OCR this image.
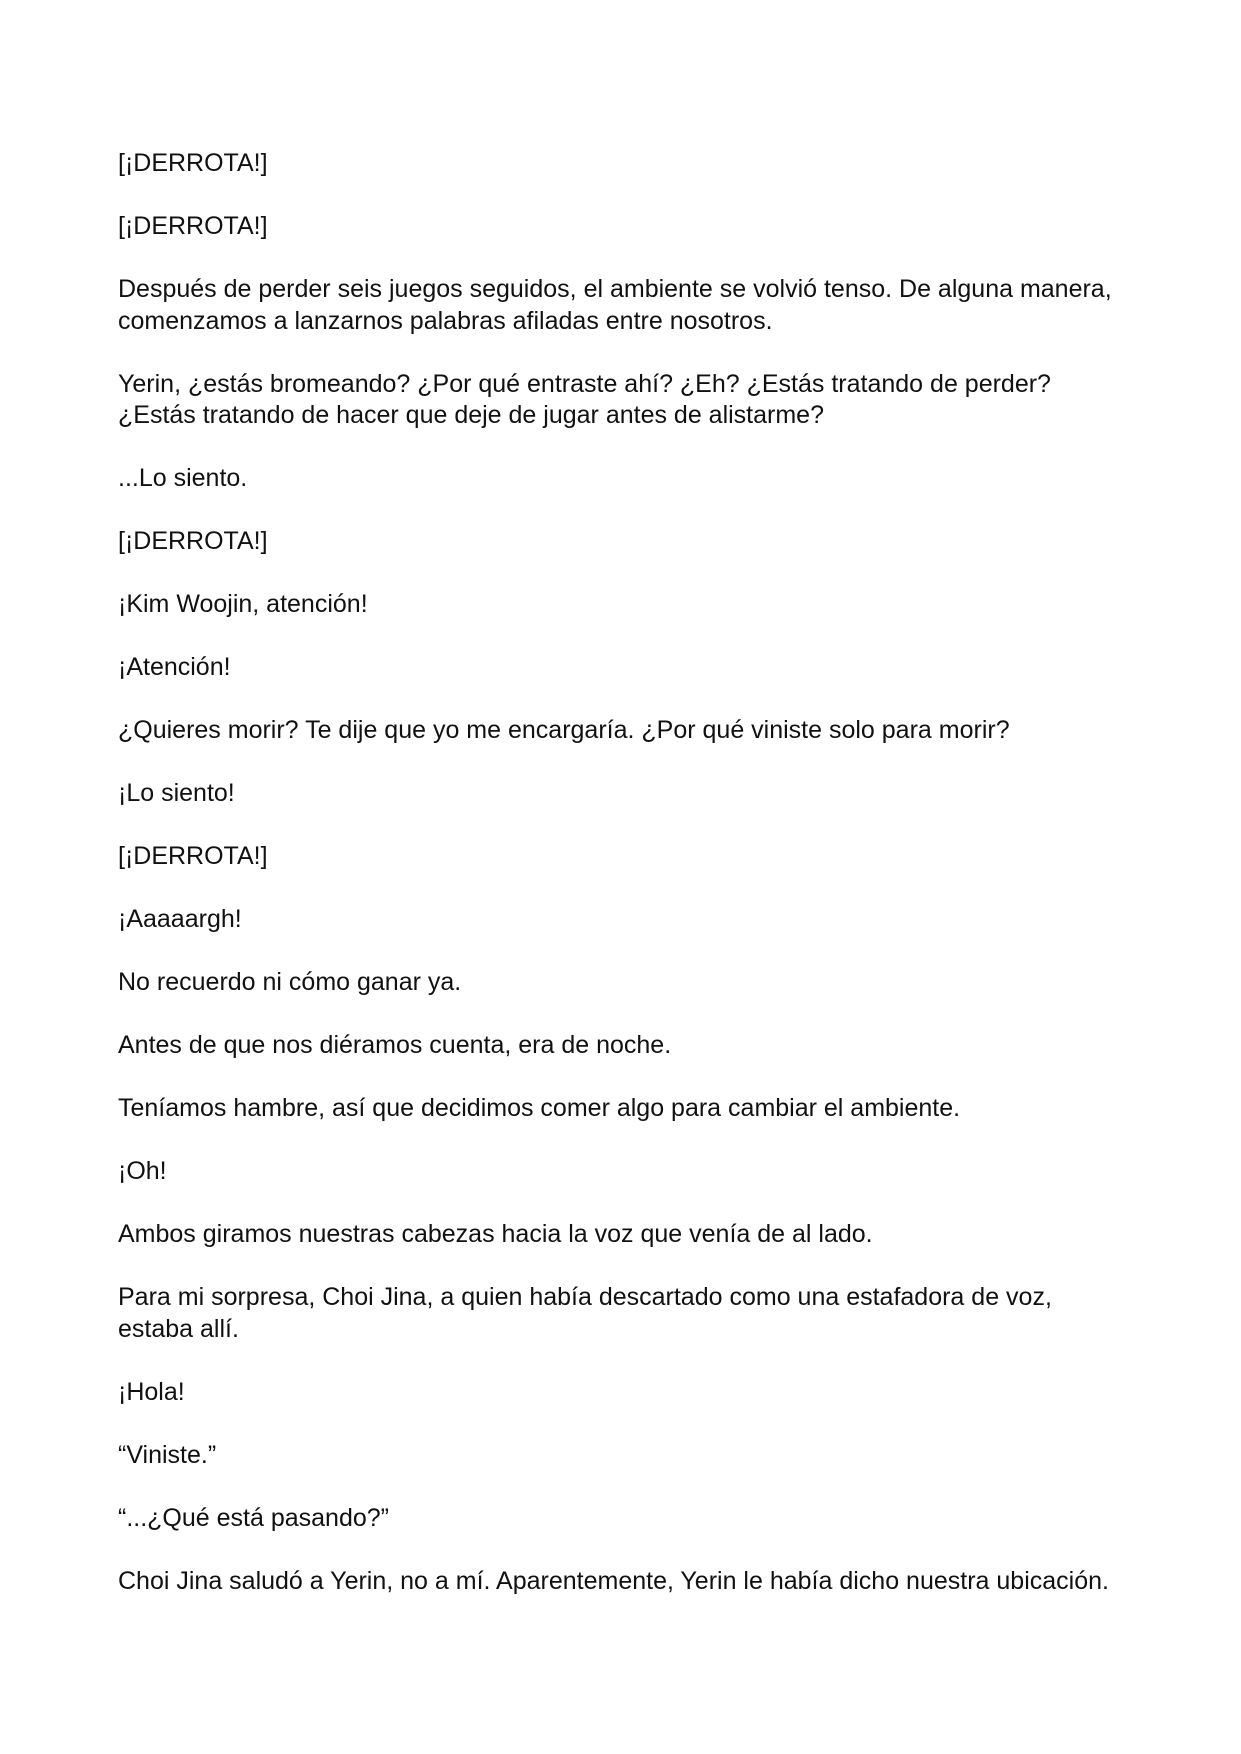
[¡DERROTA!]

[¡DERROTA!]

Después de perder seis juegos seguidos, el ambiente se volvió tenso. De alguna manera, comenzamos a lanzarnos palabras afiladas entre nosotros.

Yerin, ¿estás bromeando? ¿Por qué entraste ahí? ¿Eh? ¿Estás tratando de perder? ¿Estás tratando de hacer que deje de jugar antes de alistarme?

...Lo siento.

[¡DERROTA!]

¡Kim Woojin, atención!

¡Atención!

¿Quieres morir? Te dije que yo me encargaría. ¿Por qué viniste solo para morir?

¡Lo siento!

[¡DERROTA!]

¡Aaaaargh!

No recuerdo ni cómo ganar ya.

Antes de que nos diéramos cuenta, era de noche.

Teníamos hambre, así que decidimos comer algo para cambiar el ambiente.

¡Oh!

Ambos giramos nuestras cabezas hacia la voz que venía de al lado.

Para mi sorpresa, Choi Jina, a quien había descartado como una estafadora de voz, estaba allí.

¡Hola!

“Viniste.”

“...¿Qué está pasando?”

Choi Jina saludó a Yerin, no a mí. Aparentemente, Yerin le había dicho nuestra ubicación.
